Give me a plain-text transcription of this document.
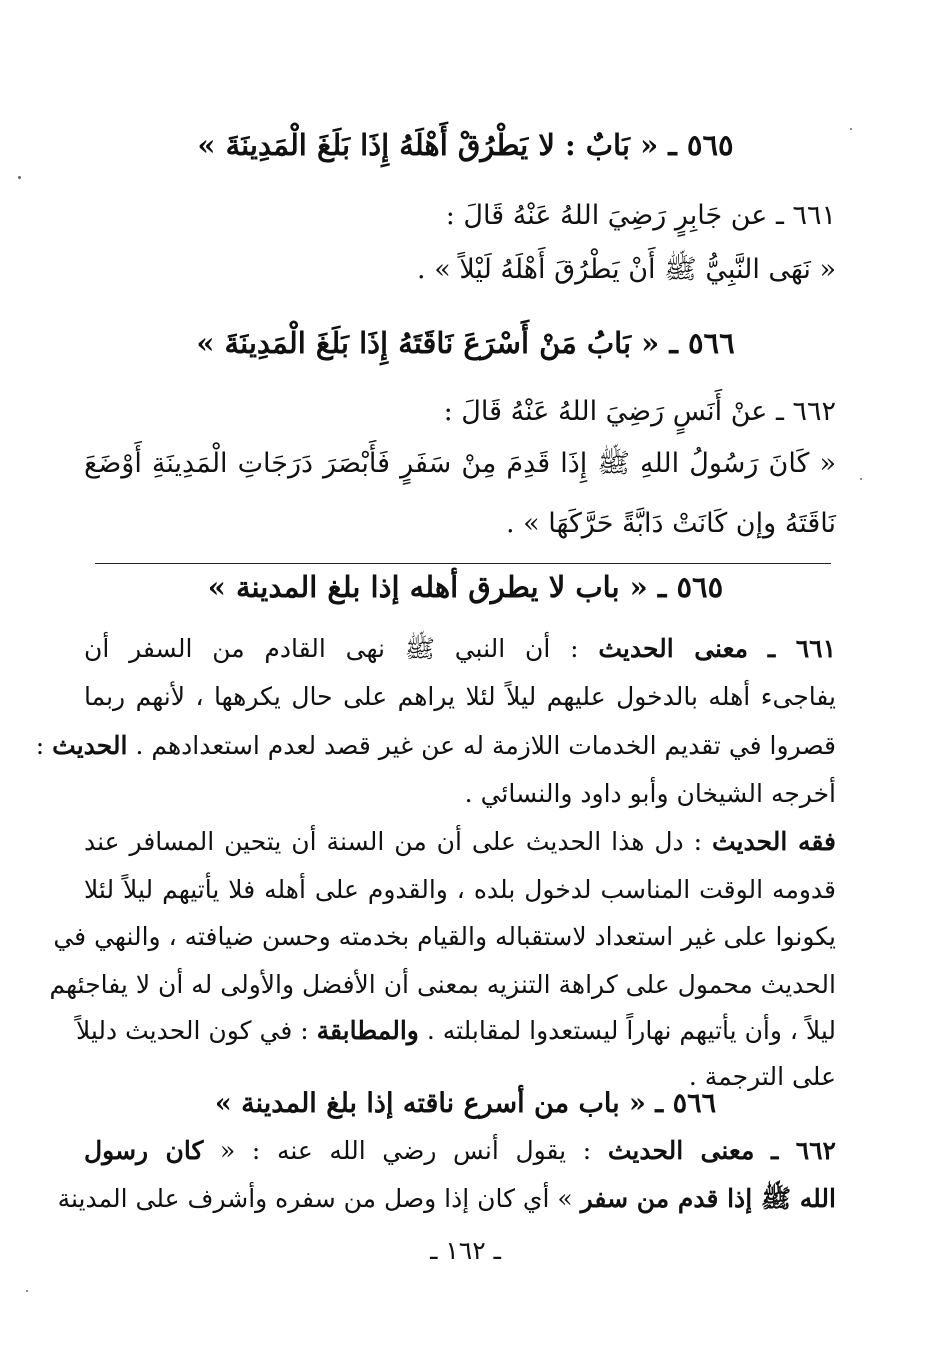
٥٦٥ ـ « بَابٌ : لا يَطْرُقْ أَهْلَهُ إِذَا بَلَغَ الْمَدِينَةَ »
٦٦١ ـ عن جَابِرٍ رَضِيَ اللهُ عَنْهُ قَالَ :
« نَهَى النَّبِيُّ ﷺ أَنْ يَطْرُقَ أَهْلَهُ لَيْلاً » .
٥٦٦ ـ « بَابُ مَنْ أَسْرَعَ نَاقَتَهُ إِذَا بَلَغَ الْمَدِينَةَ »
٦٦٢ ـ عنْ أَنَسٍ رَضِيَ اللهُ عَنْهُ قَالَ :
« كَانَ رَسُولُ اللهِ ﷺ إِذَا قَدِمَ مِنْ سَفَرٍ فَأَبْصَرَ دَرَجَاتِ الْمَدِينَةِ أَوْضَعَ
نَاقَتَهُ وإن كَانَتْ دَابَّةً حَرَّكَهَا » .
٥٦٥ ـ « باب لا يطرق أهله إذا بلغ المدينة »
٦٦١ ـ معنى الحديث : أن النبي ﷺ نهى القادم من السفر أن
يفاجىء أهله بالدخول عليهم ليلاً لئلا يراهم على حال يكرهها ، لأنهم ربما
قصروا في تقديم الخدمات اللازمة له عن غير قصد لعدم استعدادهم . الحديث :
أخرجه الشيخان وأبو داود والنسائي .
فقه الحديث : دل هذا الحديث على أن من السنة أن يتحين المسافر عند
قدومه الوقت المناسب لدخول بلده ، والقدوم على أهله فلا يأتيهم ليلاً لئلا
يكونوا على غير استعداد لاستقباله والقيام بخدمته وحسن ضيافته ، والنهي في
الحديث محمول على كراهة التنزيه بمعنى أن الأفضل والأولى له أن لا يفاجئهم
ليلاً ، وأن يأتيهم نهاراً ليستعدوا لمقابلته . والمطابقة : في كون الحديث دليلاً
على الترجمة .
٥٦٦ ـ « باب من أسرع ناقته إذا بلغ المدينة »
٦٦٢ ـ معنى الحديث : يقول أنس رضي الله عنه : « كان رسول
الله ﷺ إذا قدم من سفر » أي كان إذا وصل من سفره وأشرف على المدينة
ـ ١٦٢ ـ
